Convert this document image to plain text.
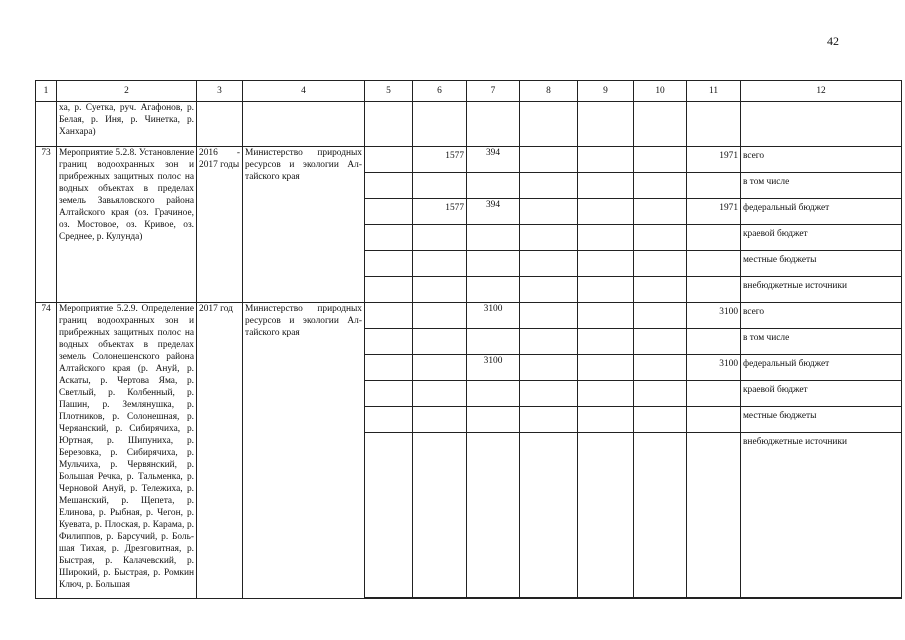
42
1	2	3	4	5	6	7	8	9	10	11	12
	ха, р. Суетка, руч. Агафонов, р. Белая, р. Иня, р. Чинетка, р. Ханхара)										
73	Мероприятие 5.2.8. Установление границ водоохранных зон и прибрежных защитных полос на водных объектах в пределах земель Завьяловского района Алтайского края (оз. Грачиное, оз. Мостовое, оз. Кривое, оз. Среднее, р. Кулунда)	2016 - 2017 годы	Министерство природных ресурсов и экологии Алтайского края		1577	394				1971	всего
											в том числе
					1577	394				1971	федеральный бюджет
											краевой бюджет
											местные бюджеты
											внебюджетные источники
74	Мероприятие 5.2.9. Определение границ водоохранных зон и прибрежных защитных полос на водных объектах в пределах земель Солонешенского района Алтайского края (р. Ануй, р. Аскаты, р. Чертова Яма, р. Светлый, р. Колбенный, р. Пашин, р. Землянушка, р. Плотников, р. Солонешная, р. Черяанский, р. Сибирячиха, р. Юртная, р. Шипуниха, р. Березовка, р. Сибирячиха, р. Мульчиха, р. Червянский, р. Большая Речка, р. Тальменка, р. Черновой Ануй, р. Тележиха, р. Мешанский, р. Щепета, р. Елинова, р. Рыбная, р. Чегон, р. Куевата, р. Плоская, р. Карама, р. Филиппов, р. Барсучий, р. Большая Тихая, р. Дрезговитная, р. Быстрая, р. Калачевский, р. Широкий, р. Быстрая, р. Ромкин Ключ, р. Большая	2017 год	Министерство природных ресурсов и экологии Алтайского края			3100				3100	всего
											в том числе
						3100				3100	федеральный бюджет
											краевой бюджет
											местные бюджеты
											внебюджетные источники
